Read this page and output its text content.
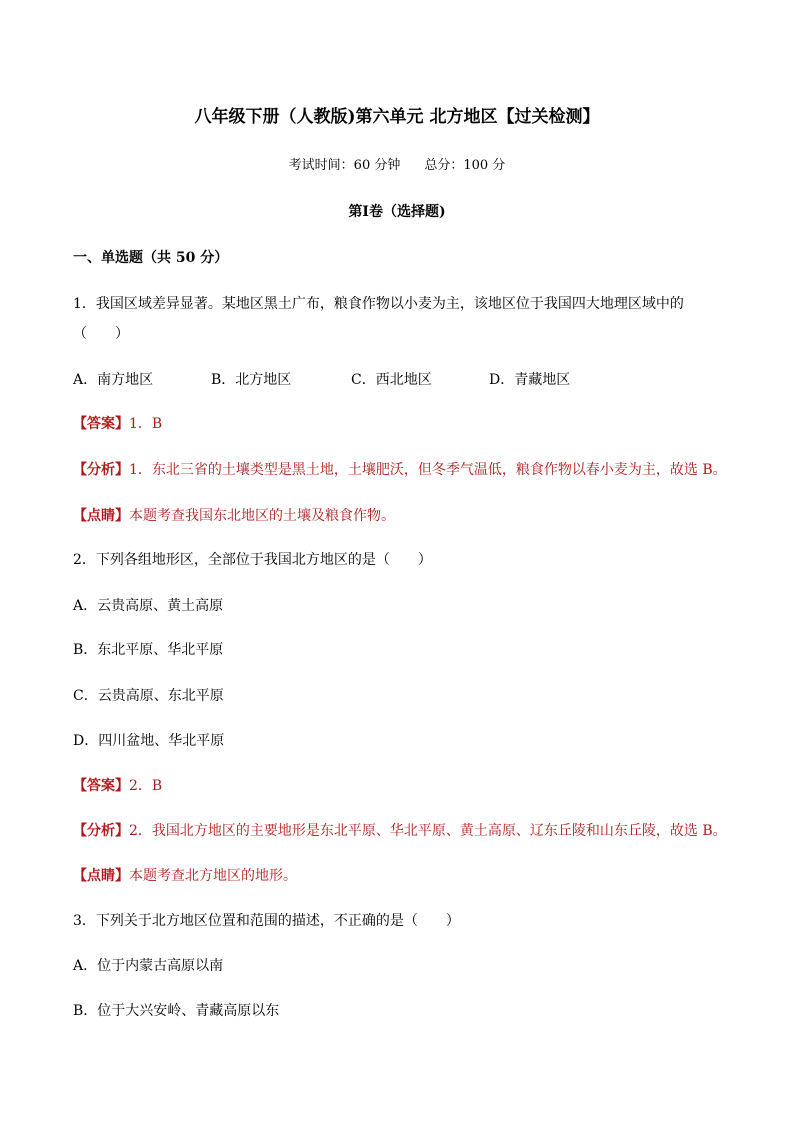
八年级下册（人教版)第六单元 北方地区【过关检测】
考试时间：60 分钟 总分：100 分
第Ⅰ卷（选择题)
一、单选题（共 50 分）
1．我国区域差异显著。某地区黑土广布，粮食作物以小麦为主，该地区位于我国四大地理区域中的
（　　）
A．南方地区	B．北方地区	C．西北地区	D．青藏地区
【答案】1．B
【分析】1．东北三省的土壤类型是黑土地，土壤肥沃，但冬季气温低，粮食作物以春小麦为主，故选 B。
【点睛】本题考查我国东北地区的土壤及粮食作物。
2．下列各组地形区，全部位于我国北方地区的是（　　）
A．云贵高原、黄土高原
B．东北平原、华北平原
C．云贵高原、东北平原
D．四川盆地、华北平原
【答案】2．B
【分析】2．我国北方地区的主要地形是东北平原、华北平原、黄土高原、辽东丘陵和山东丘陵，故选 B。
【点睛】本题考查北方地区的地形。
3．下列关于北方地区位置和范围的描述，不正确的是（　　）
A．位于内蒙古高原以南
B．位于大兴安岭、青藏高原以东
